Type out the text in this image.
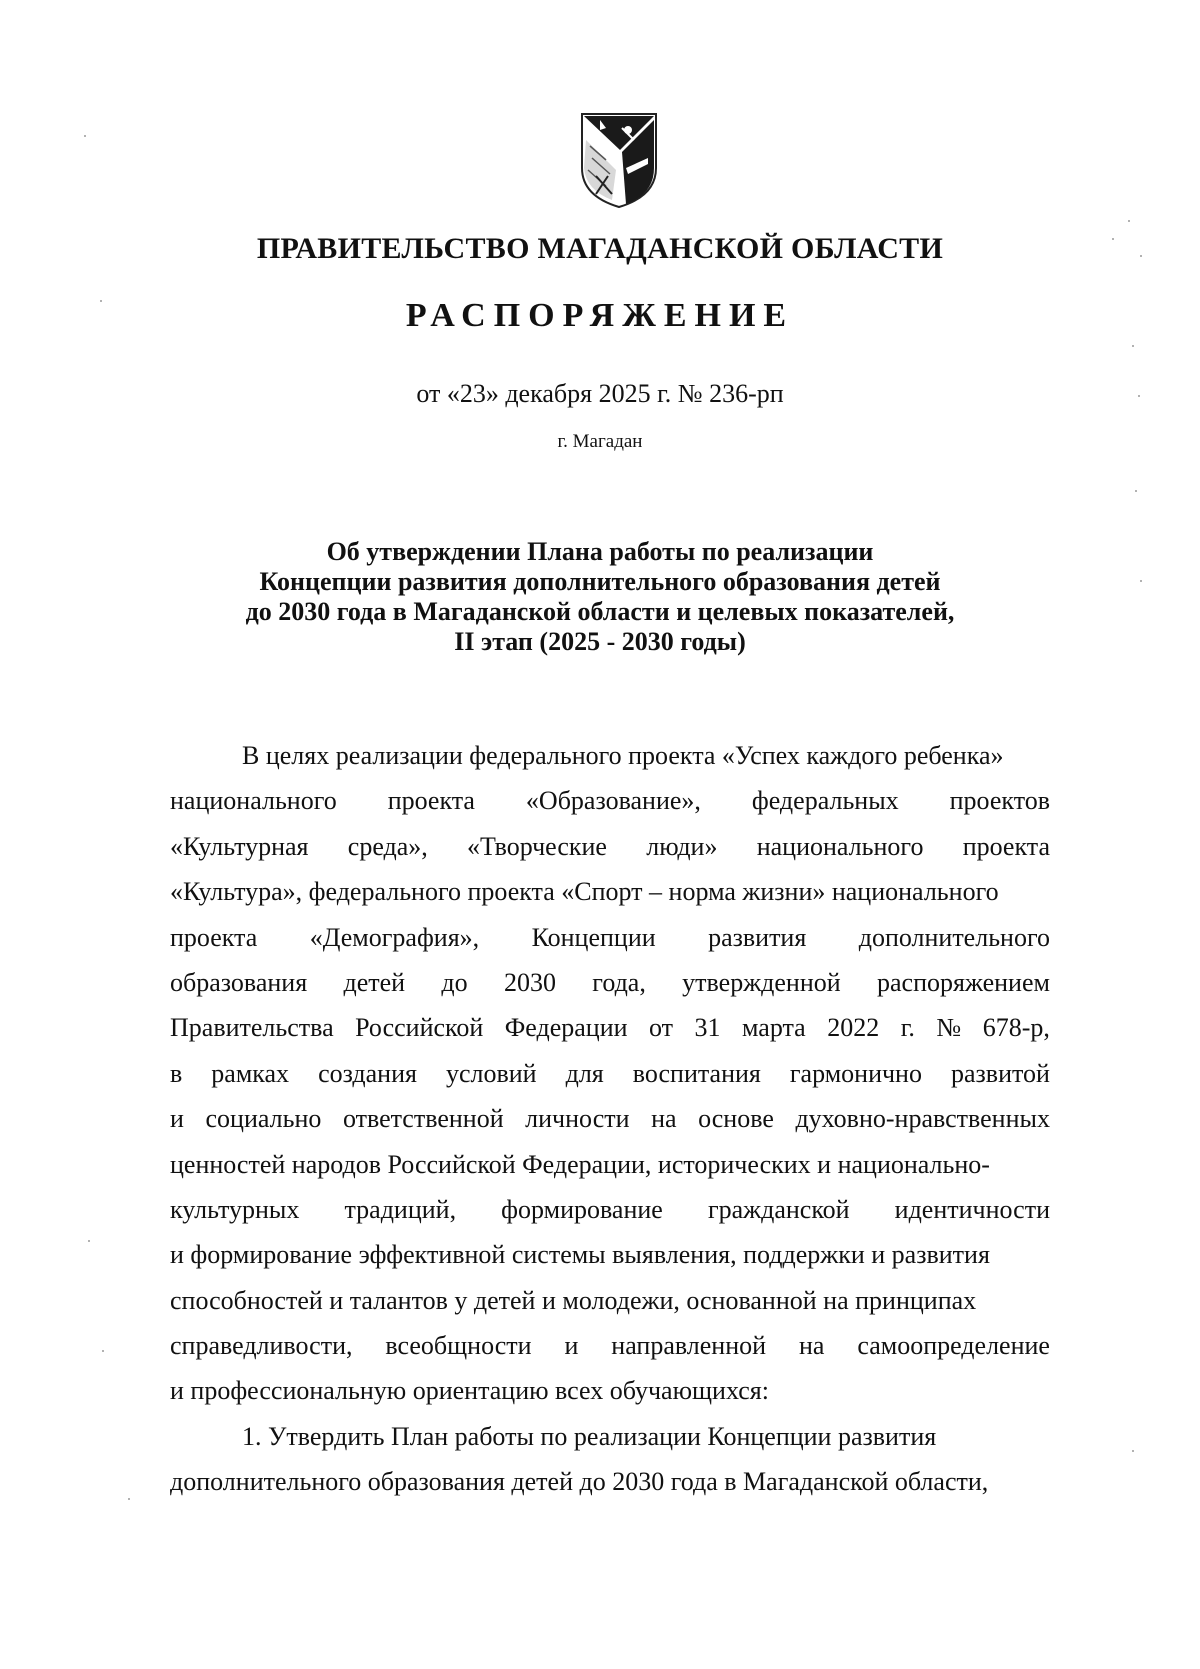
ПРАВИТЕЛЬСТВО МАГАДАНСКОЙ ОБЛАСТИ
РАСПОРЯЖЕНИЕ
от «23» декабря 2025 г. № 236-рп
г. Магадан
Об утверждении Плана работы по реализации
Концепции развития дополнительного образования детей
до 2030 года в Магаданской области и целевых показателей,
II этап (2025 - 2030 годы)
В целях реализации федерального проекта «Успех каждого ребенка»
национального проекта «Образование», федеральных проектов
«Культурная среда», «Творческие люди» национального проекта
«Культура», федерального проекта «Спорт – норма жизни» национального
проекта «Демография», Концепции развития дополнительного
образования детей до 2030 года, утвержденной распоряжением
Правительства Российской Федерации от 31 марта 2022 г. № 678-р,
в рамках создания условий для воспитания гармонично развитой
и социально ответственной личности на основе духовно-нравственных
ценностей народов Российской Федерации, исторических и национально-
культурных традиций, формирование гражданской идентичности
и формирование эффективной системы выявления, поддержки и развития
способностей и талантов у детей и молодежи, основанной на принципах
справедливости, всеобщности и направленной на самоопределение
и профессиональную ориентацию всех обучающихся:
1. Утвердить План работы по реализации Концепции развития
дополнительного образования детей до 2030 года в Магаданской области,
